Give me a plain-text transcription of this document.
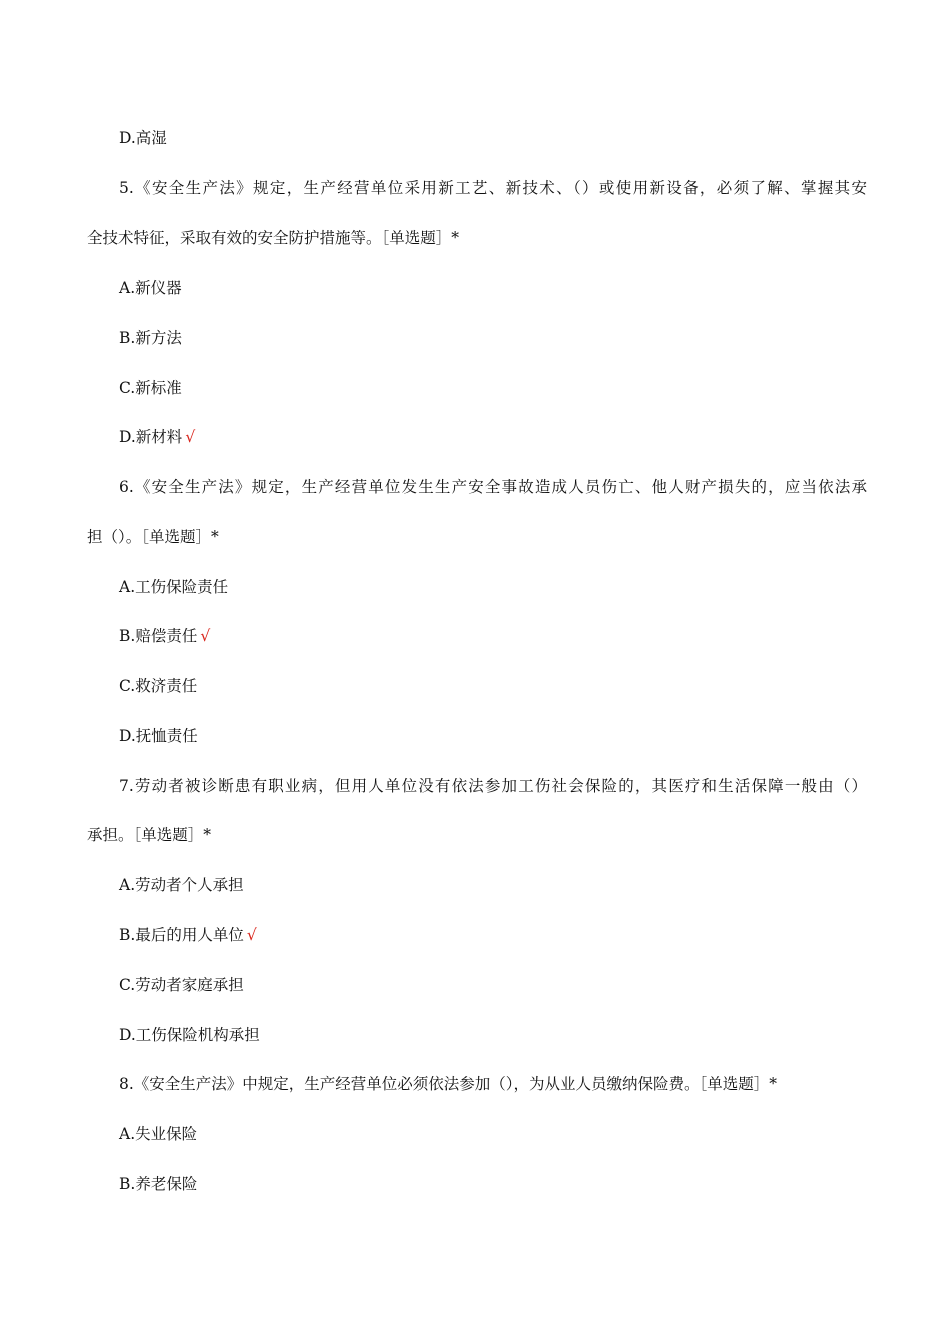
D.高湿
5.《安全生产法》规定，生产经营单位采用新工艺、新技术、（）或使用新设备，必须了解、掌握其安
全技术特征，采取有效的安全防护措施等。［单选题］*
A.新仪器
B.新方法
C.新标准
D.新材料 √
6.《安全生产法》规定，生产经营单位发生生产安全事故造成人员伤亡、他人财产损失的，应当依法承
担（）。［单选题］*
A.工伤保险责任
B.赔偿责任 √
C.救济责任
D.抚恤责任
7.劳动者被诊断患有职业病，但用人单位没有依法参加工伤社会保险的，其医疗和生活保障一般由（）
承担。［单选题］*
A.劳动者个人承担
B.最后的用人单位 √
C.劳动者家庭承担
D.工伤保险机构承担
8.《安全生产法》中规定，生产经营单位必须依法参加（），为从业人员缴纳保险费。［单选题］*
A.失业保险
B.养老保险
